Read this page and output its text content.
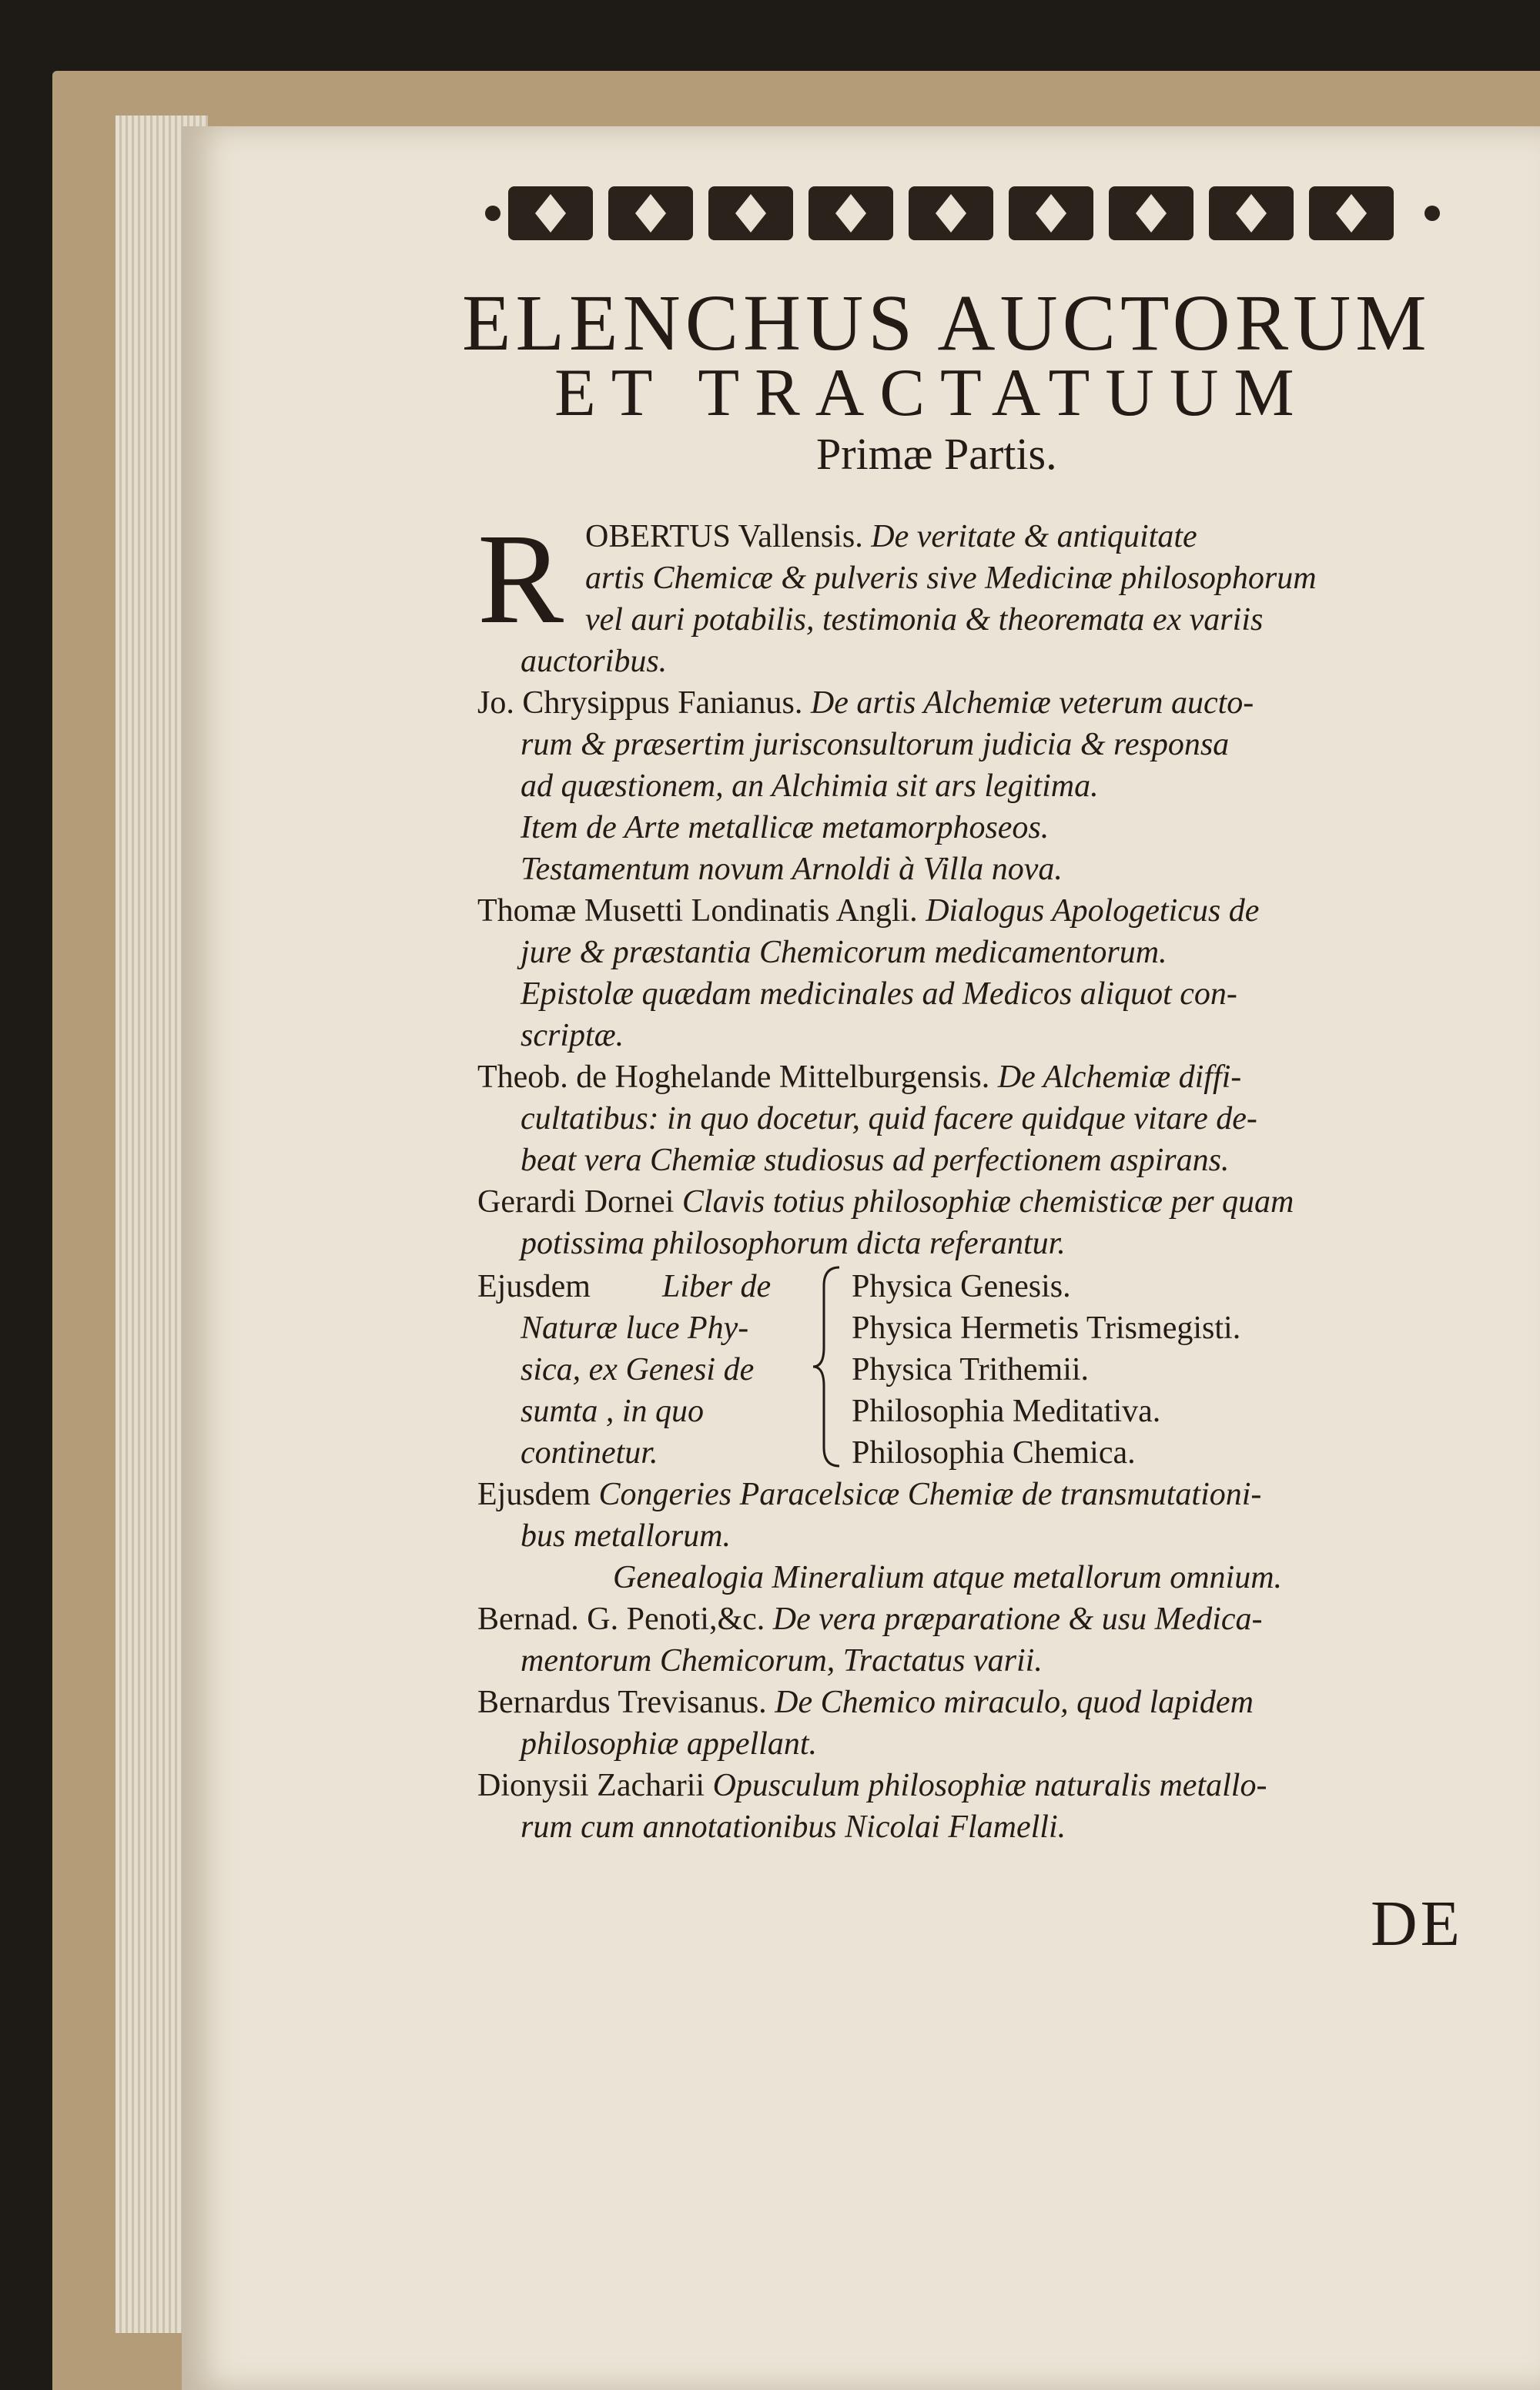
ELENCHUS AUCTORUM
ET TRACTATUUM
Primæ Partis.
R OBERTUS Vallensis. De veritate & antiquitate
artis Chemicæ & pulveris sive Medicinæ philosophorum
vel auri potabilis, testimonia & theoremata ex variis
auctoribus.
Jo. Chrysippus Fanianus. De artis Alchemiæ veterum aucto-
rum & præsertim jurisconsultorum judicia & responsa
ad quæstionem, an Alchimia sit ars legitima.
Item de Arte metallicæ metamorphoseos.
Testamentum novum Arnoldi à Villa nova.
Thomæ Musetti Londinatis Angli. Dialogus Apologeticus de
jure & præstantia Chemicorum medicamentorum.
Epistolæ quædam medicinales ad Medicos aliquot con-
scriptæ.
Theob. de Hoghelande Mittelburgensis. De Alchemiæ diffi-
cultatibus: in quo docetur, quid facere quidque vitare de-
beat vera Chemiæ studiosus ad perfectionem aspirans.
Gerardi Dornei Clavis totius philosophiæ chemisticæ per quam
potissima philosophorum dicta referantur.
Ejusdem Liber de
Naturæ luce Phy-
sica, ex Genesi de
sumta , in quo
continetur.
Physica Genesis.
Physica Hermetis Trismegisti.
Physica Trithemii.
Philosophia Meditativa.
Philosophia Chemica.
Ejusdem Congeries Paracelsicæ Chemiæ de transmutationi-
bus metallorum.
Genealogia Mineralium atque metallorum omnium.
Bernad. G. Penoti,&c. De vera præparatione & usu Medica-
mentorum Chemicorum, Tractatus varii.
Bernardus Trevisanus. De Chemico miraculo, quod lapidem
philosophiæ appellant.
Dionysii Zacharii Opusculum philosophiæ naturalis metallo-
rum cum annotationibus Nicolai Flamelli.
DE
